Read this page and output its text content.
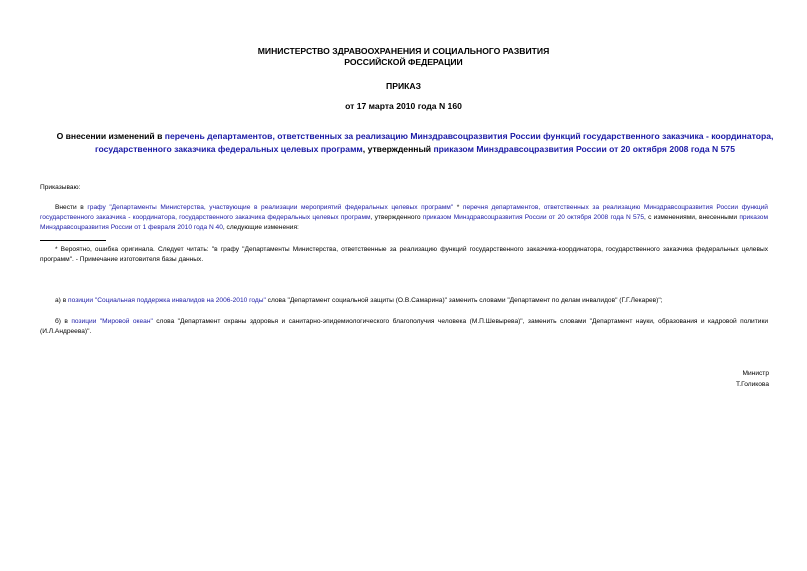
МИНИСТЕРСТВО ЗДРАВООХРАНЕНИЯ И СОЦИАЛЬНОГО РАЗВИТИЯ
РОССИЙСКОЙ ФЕДЕРАЦИИ
ПРИКАЗ
от 17 марта 2010 года N 160
О внесении изменений в перечень департаментов, ответственных за реализацию Минздравсоцразвития России функций государственного заказчика - координатора, государственного заказчика федеральных целевых программ, утвержденный приказом Минздравсоцразвития России от 20 октября 2008 года N 575
Приказываю:
Внести в графу "Департаменты Министерства, участвующие в реализации мероприятий федеральных целевых программ" * перечня департаментов, ответственных за реализацию Минздравсоцразвития России функций государственного заказчика - координатора, государственного заказчика федеральных целевых программ, утвержденного приказом Минздравсоцразвития России от 20 октября 2008 года N 575, с изменениями, внесенными приказом Минздравсоцразвития России от 1 февраля 2010 года N 40, следующие изменения:
* Вероятно, ошибка оригинала. Следует читать: "в графу "Департаменты Министерства, ответственные за реализацию функций государственного заказчика-координатора, государственного заказчика федеральных целевых программ". - Примечание изготовителя базы данных.
а) в позиции "Социальная поддержка инвалидов на 2006-2010 годы" слова "Департамент социальной защиты (О.В.Самарина)" заменить словами "Департамент по делам инвалидов" (Г.Г.Лекарев)";
б) в позиции "Мировой океан" слова "Департамент охраны здоровья и санитарно-эпидемиологического благополучия человека (М.П.Шевырева)", заменить словами "Департамент науки, образования и кадровой политики (И.Л.Андреева)".
Министр
Т.Голикова
